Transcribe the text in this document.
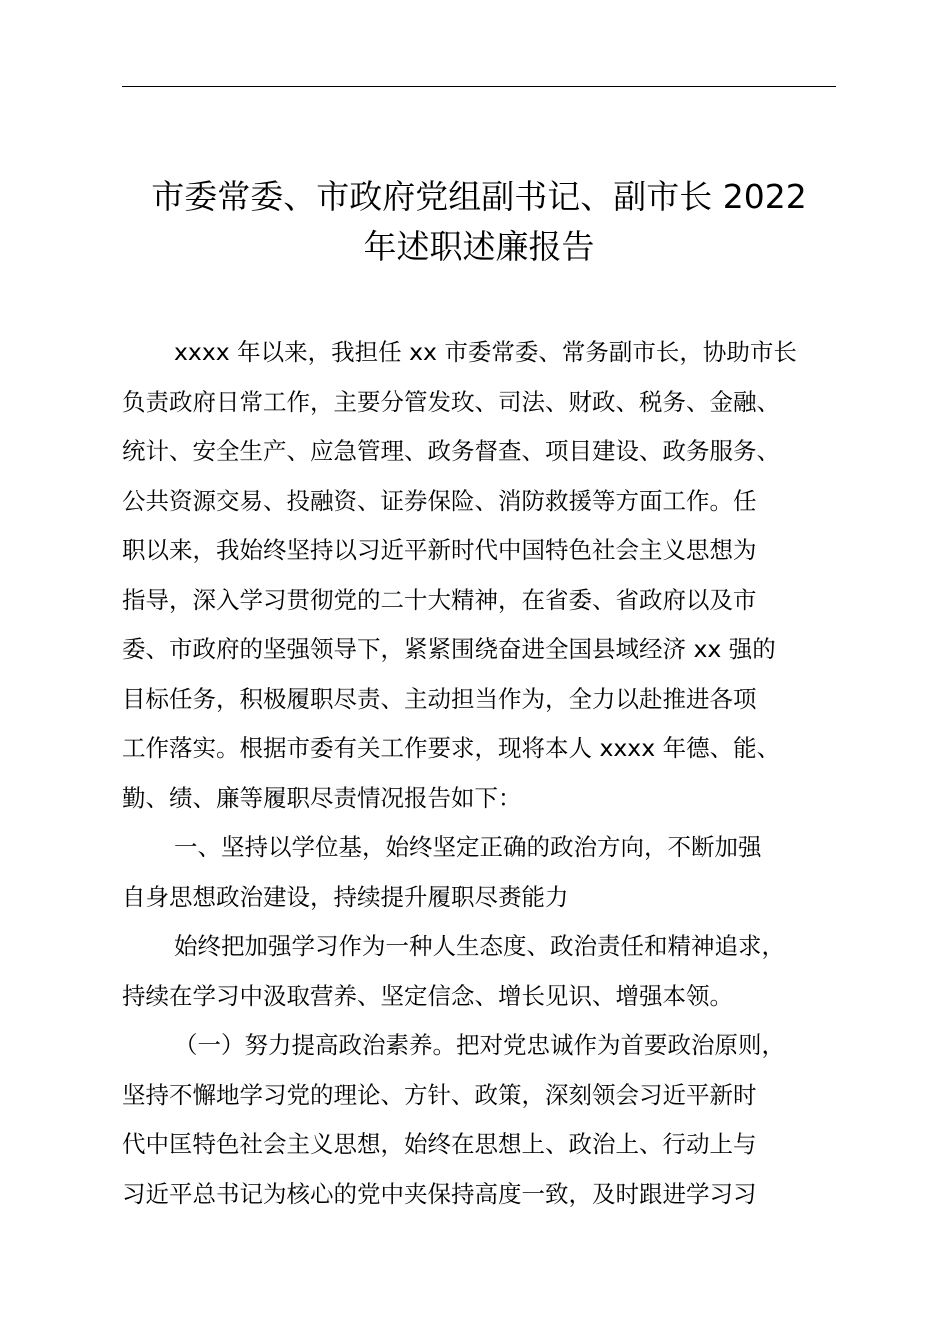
市委常委、市政府党组副书记、副市长 2022
年述职述廉报告
xxxx 年以来，我担任 xx 市委常委、常务副市长，协助市长
负责政府日常工作，主要分管发玫、司法、财政、税务、金融、
统计、安全生产、应急管理、政务督查、项目建设、政务服务、
公共资源交易、投融资、证券保险、消防救援等方面工作。任
职以来，我始终坚持以习近平新时代中国特色社会主义思想为
指导，深入学习贯彻党的二十大精神，在省委、省政府以及市
委、市政府的坚强领导下，紧紧围绕奋进全国县域经济 xx 强的
目标任务，积极履职尽责、主动担当作为，全力以赴推进各项
工作落实。根据市委有关工作要求，现将本人 xxxx 年德、能、
勤、绩、廉等履职尽责情况报告如下：
一、坚持以学位基，始终坚定正确的政治方向，不断加强
自身思想政治建设，持续提升履职尽赉能力
始终把加强学习作为一种人生态度、政治责任和精神追求，
持续在学习中汲取营养、坚定信念、增长见识、增强本领。
（一）努力提高政治素养。把对党忠诚作为首要政治原则，
坚持不懈地学习党的理论、方针、政策，深刻领会习近平新时
代中匡特色社会主义思想，始终在思想上、政治上、行动上与
习近平总书记为核心的党中夹保持高度一致，及时跟进学习习
